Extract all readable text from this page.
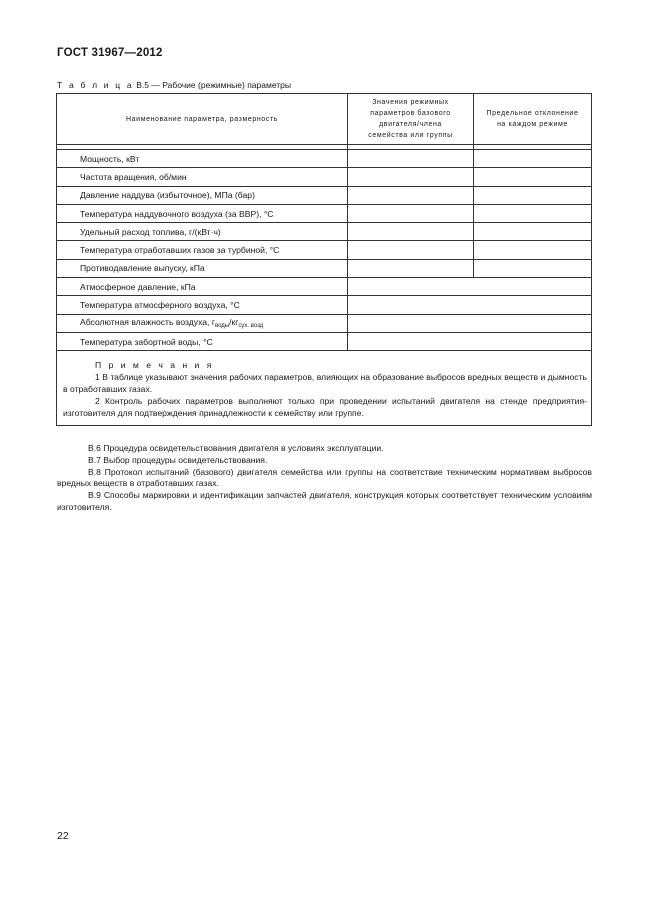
ГОСТ 31967—2012
Т а б л и ц а В.5 — Рабочие (режимные) параметры
Наименование параметра, размерность	Значения режимных параметров базового двигателя/члена семейства или группы	Предельное отклонение на каждом режиме

Мощность, кВт		
Частота вращения, об/мин		
Давление наддува (избыточное), МПа (бар)		
Температура наддувочного воздуха (за ВВР), °С		
Удельный расход топлива, г/(кВт·ч)		
Температура отработавших газов за турбиной, °С		
Противодавление выпуску, кПа		
Атмосферное давление, кПа		
Температура атмосферного воздуха, °С		
Абсолютная влажность воздуха, $г_{воды}/кг_{сух. возд}$	
Температура забортной воды, °С		

П р и м е ч а н и я
1 В таблице указывают значения рабочих параметров, влияющих на образование выбросов вредных веществ и дымность в отработавших газах.
2 Контроль рабочих параметров выполняют только при проведении испытаний двигателя на стенде предприятия-изготовителя для подтверждения принадлежности к семейству или группе.		

В.6 Процедура освидетельствования двигателя в условиях эксплуатации.

В.7 Выбор процедуры освидетельствования.

В.8 Протокол испытаний (базового) двигателя семейства или группы на соответствие техническим нормативам выбросов вредных веществ в отработавших газах.

В.9 Способы маркировки и идентификации запчастей двигателя, конструкция которых соответствует техническим условиям изготовителя.

22
